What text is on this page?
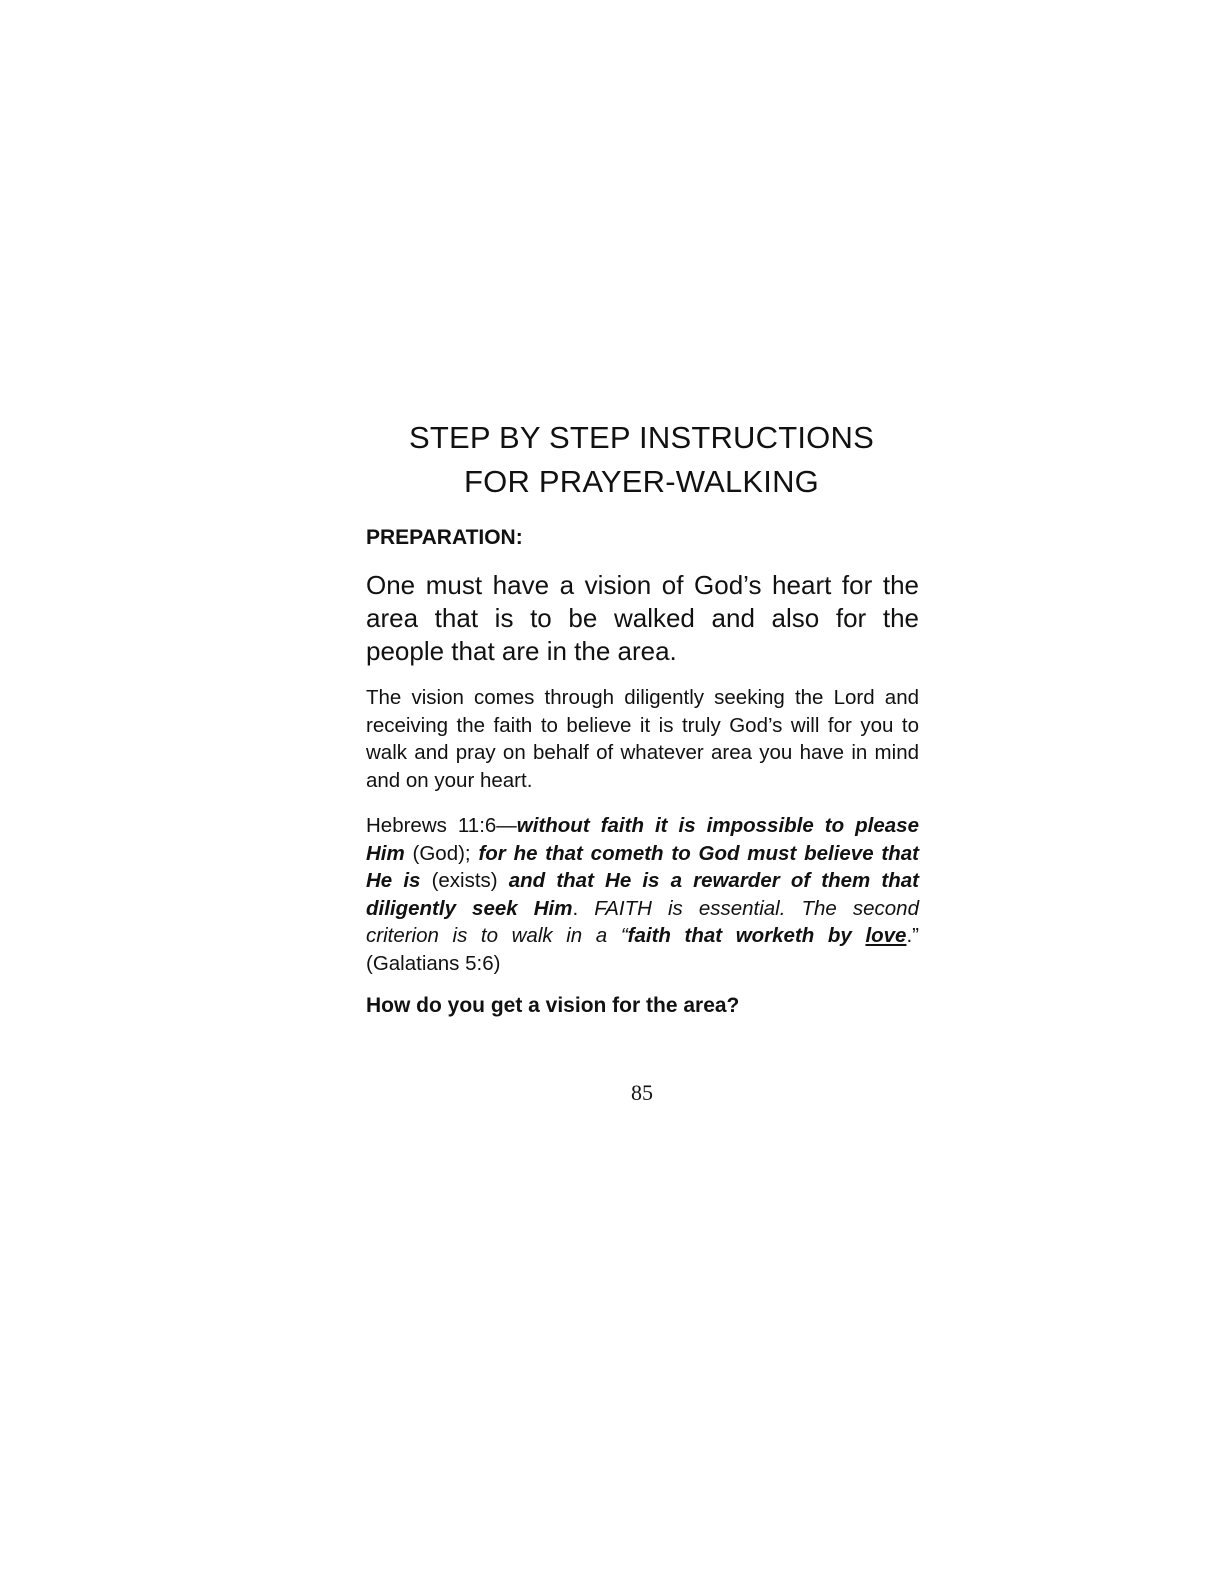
STEP BY STEP INSTRUCTIONS
FOR PRAYER-WALKING
PREPARATION:

One must have a vision of God’s heart for the area that is to be walked and also for the people that are in the area.

The vision comes through diligently seeking the Lord and receiving the faith to believe it is truly God’s will for you to walk and pray on behalf of whatever area you have in mind and on your heart.

Hebrews 11:6—without faith it is impossible to please Him (God); for he that cometh to God must believe that He is (exists) and that He is a rewarder of them that diligently seek Him. FAITH is essential. The second criterion is to walk in a “faith that worketh by love.” (Galatians 5:6)

How do you get a vision for the area?
85
